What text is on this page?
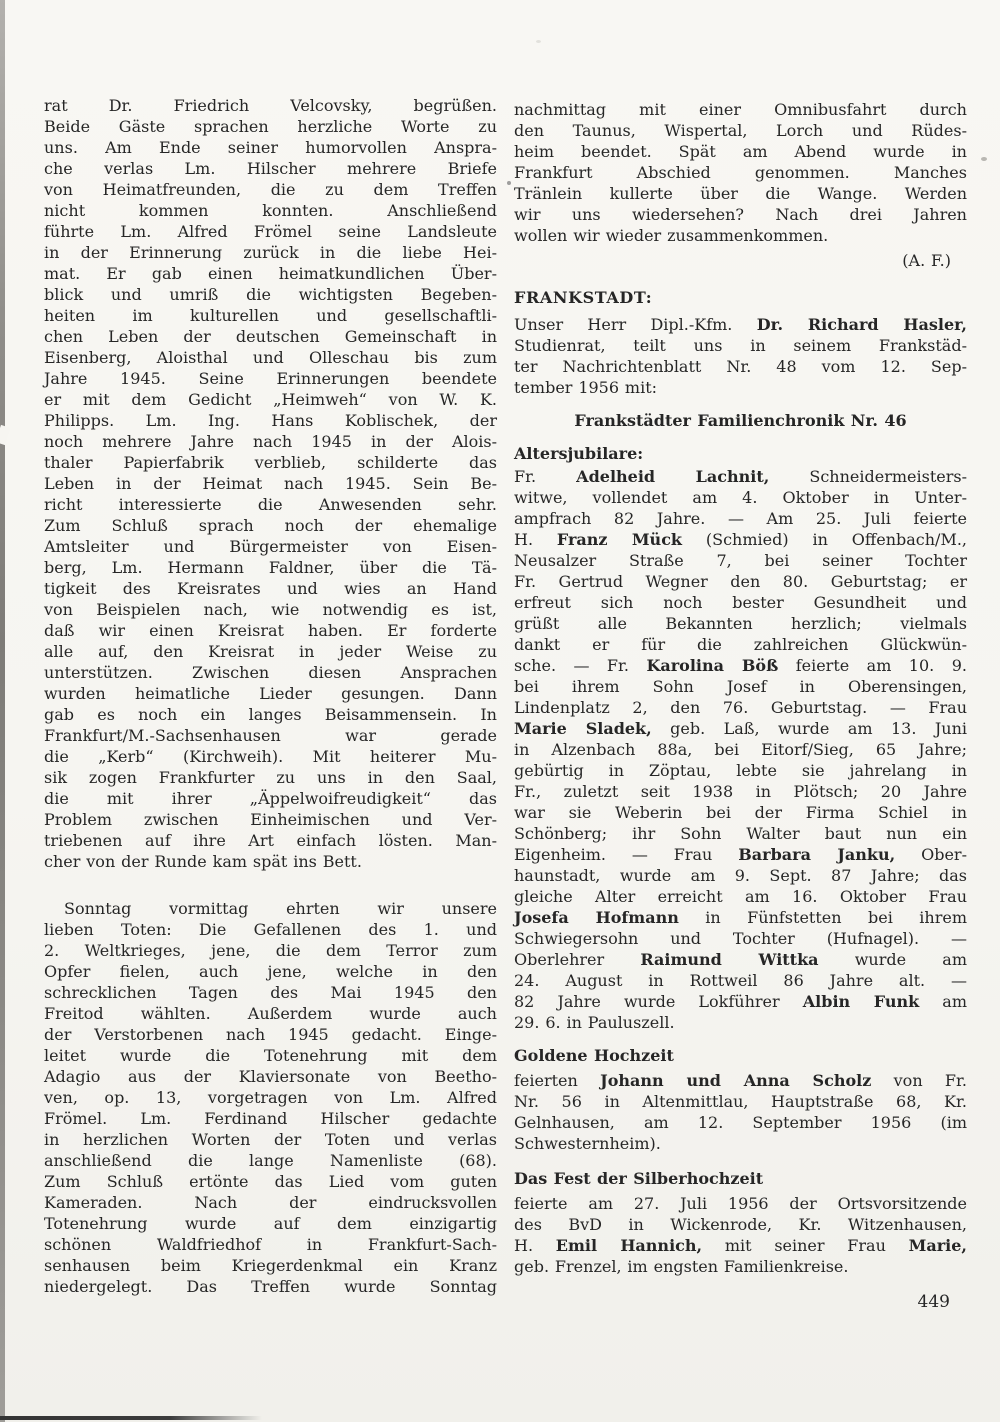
rat Dr. Friedrich Velcovsky, begrüßen.
Beide Gäste sprachen herzliche Worte zu
uns. Am Ende seiner humorvollen Anspra-
che verlas Lm. Hilscher mehrere Briefe
von Heimatfreunden, die zu dem Treffen
nicht kommen konnten. Anschließend
führte Lm. Alfred Frömel seine Landsleute
in der Erinnerung zurück in die liebe Hei-
mat. Er gab einen heimatkundlichen Über-
blick und umriß die wichtigsten Begeben-
heiten im kulturellen und gesellschaftli-
chen Leben der deutschen Gemeinschaft in
Eisenberg, Aloisthal und Olleschau bis zum
Jahre 1945. Seine Erinnerungen beendete
er mit dem Gedicht „Heimweh“ von W. K.
Philipps. Lm. Ing. Hans Koblischek, der
noch mehrere Jahre nach 1945 in der Alois-
thaler Papierfabrik verblieb, schilderte das
Leben in der Heimat nach 1945. Sein Be-
richt interessierte die Anwesenden sehr.
Zum Schluß sprach noch der ehemalige
Amtsleiter und Bürgermeister von Eisen-
berg, Lm. Hermann Faldner, über die Tä-
tigkeit des Kreisrates und wies an Hand
von Beispielen nach, wie notwendig es ist,
daß wir einen Kreisrat haben. Er forderte
alle auf, den Kreisrat in jeder Weise zu
unterstützen. Zwischen diesen Ansprachen
wurden heimatliche Lieder gesungen. Dann
gab es noch ein langes Beisammensein. In
Frankfurt/M.-Sachsenhausen war gerade
die „Kerb“ (Kirchweih). Mit heiterer Mu-
sik zogen Frankfurter zu uns in den Saal,
die mit ihrer „Äppelwoifreudigkeit“ das
Problem zwischen Einheimischen und Ver-
triebenen auf ihre Art einfach lösten. Man-
cher von der Runde kam spät ins Bett.
Sonntag vormittag ehrten wir unsere
lieben Toten: Die Gefallenen des 1. und
2. Weltkrieges, jene, die dem Terror zum
Opfer fielen, auch jene, welche in den
schrecklichen Tagen des Mai 1945 den
Freitod wählten. Außerdem wurde auch
der Verstorbenen nach 1945 gedacht. Einge-
leitet wurde die Totenehrung mit dem
Adagio aus der Klaviersonate von Beetho-
ven, op. 13, vorgetragen von Lm. Alfred
Frömel. Lm. Ferdinand Hilscher gedachte
in herzlichen Worten der Toten und verlas
anschließend die lange Namenliste (68).
Zum Schluß ertönte das Lied vom guten
Kameraden. Nach der eindrucksvollen
Totenehrung wurde auf dem einzigartig
schönen Waldfriedhof in Frankfurt-Sach-
senhausen beim Kriegerdenkmal ein Kranz
niedergelegt. Das Treffen wurde Sonntag
nachmittag mit einer Omnibusfahrt durch
den Taunus, Wispertal, Lorch und Rüdes-
heim beendet. Spät am Abend wurde in
Frankfurt Abschied genommen. Manches
Tränlein kullerte über die Wange. Werden
wir uns wiedersehen? Nach drei Jahren
wollen wir wieder zusammenkommen.
(A. F.)
FRANKSTADT:
Unser Herr Dipl.-Kfm. Dr. Richard Hasler,
Studienrat, teilt uns in seinem Frankstäd-
ter Nachrichtenblatt Nr. 48 vom 12. Sep-
tember 1956 mit:
Frankstädter Familienchronik Nr. 46
Altersjubilare:
Fr. Adelheid Lachnit, Schneidermeisters-
witwe, vollendet am 4. Oktober in Unter-
ampfrach 82 Jahre. — Am 25. Juli feierte
H. Franz Mück (Schmied) in Offenbach/M.,
Neusalzer Straße 7, bei seiner Tochter
Fr. Gertrud Wegner den 80. Geburtstag; er
erfreut sich noch bester Gesundheit und
grüßt alle Bekannten herzlich; vielmals
dankt er für die zahlreichen Glückwün-
sche. — Fr. Karolina Böß feierte am 10. 9.
bei ihrem Sohn Josef in Oberensingen,
Lindenplatz 2, den 76. Geburtstag. — Frau
Marie Sladek, geb. Laß, wurde am 13. Juni
in Alzenbach 88a, bei Eitorf/Sieg, 65 Jahre;
gebürtig in Zöptau, lebte sie jahrelang in
Fr., zuletzt seit 1938 in Plötsch; 20 Jahre
war sie Weberin bei der Firma Schiel in
Schönberg; ihr Sohn Walter baut nun ein
Eigenheim. — Frau Barbara Janku, Ober-
haunstadt, wurde am 9. Sept. 87 Jahre; das
gleiche Alter erreicht am 16. Oktober Frau
Josefa Hofmann in Fünfstetten bei ihrem
Schwiegersohn und Tochter (Hufnagel). —
Oberlehrer Raimund Wittka wurde am
24. August in Rottweil 86 Jahre alt. —
82 Jahre wurde Lokführer Albin Funk am
29. 6. in Pauluszell.
Goldene Hochzeit
feierten Johann und Anna Scholz von Fr.
Nr. 56 in Altenmittlau, Hauptstraße 68, Kr.
Gelnhausen, am 12. September 1956 (im
Schwesternheim).
Das Fest der Silberhochzeit
feierte am 27. Juli 1956 der Ortsvorsitzende
des BvD in Wickenrode, Kr. Witzenhausen,
H. Emil Hannich, mit seiner Frau Marie,
geb. Frenzel, im engsten Familienkreise.
449
